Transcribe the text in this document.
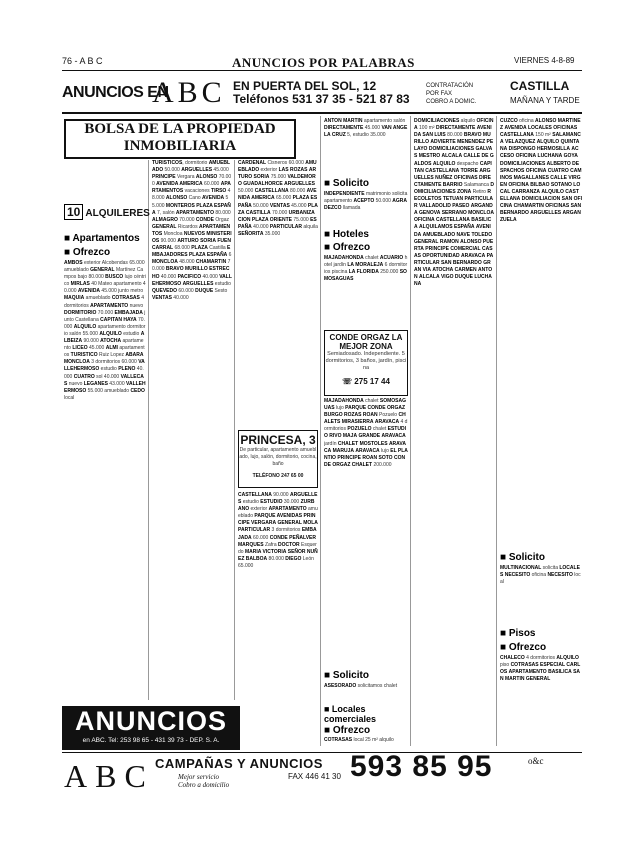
76 - A B C	ANUNCIOS POR PALABRAS	VIERNES 4-8-89
ANUNCIOS EN
ABC EN PUERTA DEL SOL, 12
Teléfonos 531 37 35 - 521 87 83
CONTRATACIÓN
POR FAX
COBRO A DOMIC.
CASTILLA
MAÑANA Y TARDE
BOLSA DE LA PROPIEDAD
INMOBILIARIA
10 ALQUILERES
■ Apartamentos
■ Ofrezco
AMBOS exterior Alcobendas 65.000 amueblado GENERAL Martínez Campos bajo 80.000 BUSCO lujo céntrico MIRLAS 40 Mateo apartamento 40.000 AVENIDA 45.000 junto metro MAQUIA amueblado COTRASAS 4 dormitorios APARTAMENTO nuevo DORMITORIO 70.000 EMBAJADA junto Castellana CAPITAN HAYA 70.000 ALQUILO apartamento dormitorio salón 55.000 ALQUILO estudio ALBEIZA 90.000 ATOCHA apartamento LICEO 45.000 ALMI apartamentos TURISTICO Ruiz Lopez ABARA MONCLOA 3 dormitorios 60.000 VALLEHERMOSO estudio PLENO 40.000 CUATRO sol 40.000 VALLECAS nuevo LEGANES 43.000 VALLEHERMOSO 55.000 amueblado CEDO local
TURISTICOS, dormitorio AMUEBLADO 50.000 ARGUELLES 45.000 PRINCIPE Vergara ALONSO 70.000 AVENIDA AMERICA 60.000 APARTAMENTOS vacaciones TIRSO 48.000 ALONSO Cano AVENIDA 55.000 MONTEROS PLAZA ESPAÑA 7, salón APARTAMENTO 80.000 ALMAGRO 70.000 CONDE Orgaz GENERAL Ricardos APARTAMENTOS Moncloa NUEVOS MINISTERIOS 90.000 ARTURO SORIA FUENCARRAL 68.000 PLAZA Castilla EMBAJADORES PLAZA ESPAÑA 6 MONCLOA 48.000 CHAMARTIN 70.000 BRAVO MURILLO ESTRECHO 40.000 PACIFICO 40.000 VALLEHERMOSO ARGUELLES estudio QUEVEDO 60.000 DUQUE Sesto VENTAS 40.000
CARDENAL Cisneros 60.000 AMUEBLADO exterior LAS ROZAS ARTURO SORIA 75.000 VALDEMORO GUADALHORCE ARGUELLES 50.000 CASTELLANA 80.000 AVENIDA AMERICA 65.000 PLAZA ESPAÑA 50.000 VENTAS 45.000 PLAZA CASTILLA 70.000 URBANIZACION PLAZA ORIENTE 75.000 ESPAÑA 40.000 PARTICULAR alquila SEÑORITA 35.000
PRINCESA, 3
De particular, apartamento amueblado, lujo, salón, dormitorio, cocina, baño
TELÉFONO 247 65 00
CASTELLANA 90.000 ARGUELLES estudio ESTUDIO 30.000 ZURBANO exterior APARTAMENTO amueblado PARQUE AVENIDAS PRINCIPE VERGARA GENERAL MOLA PARTICULAR 3 dormitorios EMBAJADA 60.000 CONDE PEÑALVER MARQUES Zafra DOCTOR Esquerdo MARIA VICTORIA SEÑOR NUÑEZ BALBOA 80.000 DIEGO León 65.000
ANTON MARTIN apartamento salón DIRECTAMENTE 45.000 VAN ANGELA CRUZ 5, estudio 35.000
■ Solicito
INDEPENDIENTE matrimonio solicita apartamento ACEPTO 50.000 AGRADEZCO llamada
■ Hoteles
■ Ofrezco
MAJADAHONDA chalet ACUARIO hotel jardín LA MORALEJA 6 dormitorios piscina LA FLORIDA 250.000 SOMOSAGUAS
CONDE ORGAZ LA MEJOR ZONA
Semiadosado. Independiente. 5 dormitorios, 3 baños, jardín, piscina
☏ 275 17 44
MAJADAHONDA chalet SOMOSAGUAS lujo PARQUE CONDE ORGAZ BURGO ROZAS ROAN Pozuelo CHALETS MIRASIERRA ARAVACA 4 dormitorios POZUELO chalet ESTUDIO RIVO MAJA GRANDE ARAVACA jardín CHALET MOSTOLES ARAVACA MARUJA ARAVACA lujo EL PLANTIO PRINCIPE ROAN SOTO CONDE ORGAZ CHALET 200.000
■ Solicito
ASESORADO solicitamos chalet
■ Locales comerciales
■ Ofrezco
COTRASAS local 25 m² alquilo
DOMICILIACIONES alquilo OFICINA 100 m² DIRECTAMENTE AVENIDA SAN LUIS 80.000 BRAVO MURILLO ADVIERTE MENENDEZ PELAYO DOMICILIACIONES GALVAS MESTRO ALCALA CALLE DE GALDOS ALQUILO despacho CAPITAN CASTELLANA TORRE ARGUELLES NUÑEZ OFICINAS DIRECTAMENTE BARRIO Salamanca DOMICILIACIONES ZONA Retiro RECOLETOS TETUAN PARTICULAR VALLADOLID PASEO ARGANDA GENOVA SERRANO MONCLOA OFICINA CASTELLANA BASILICA ALQUILAMOS ESPAÑA AVENIDA AMUEBLADO NAVE TOLEDO GENERAL RAMON ALONSO PUERTA PRINCIPE COMERCIAL CASAS OPORTUNIDAD ARAVACA PARTICULAR SAN BERNARDO GRAN VIA ATOCHA CARMEN ANTON ALCALA VIGO DUQUE LUCHANA
CUZCO oficina ALONSO MARTINEZ AVENIDA LOCALES OFICINAS CASTELLANA 150 m² SALAMANCA VELAZQUEZ ALQUILO QUINTANA DISPONGO HERMOSILLA ACCESO OFICINA LUCHANA GOYA DOMICILIACIONES ALBERTO DESPACHOS OFICINA CUATRO CAMINOS MAGALLANES CALLE VIRGEN OFICINA BILBAO SOTANO LOCAL CARRANZA ALQUILO CASTELLANA DOMICILIACION SAN OFICINA CHAMARTIN OFICINAS SAN BERNARDO ARGUELLES ARGANZUELA
■ Solicito
MULTINACIONAL solicita LOCALES NECESITO oficina NECESITO local
■ Pisos
■ Ofrezco
CHALECO 4 dormitorios ALQUILO piso COTRASAS ESPECIAL CARLOS APARTAMENTO BASILICA SAN MARTIN GENERAL
ANUNCIOS
en ABC. Tel: 253 98 65 - 431 39 73 - DEP. S. A.
ABC CAMPAÑAS Y ANUNCIOS
Mejor servicio
Cobro a domicilio
FAX 446 41 30 593 85 95	o&c
